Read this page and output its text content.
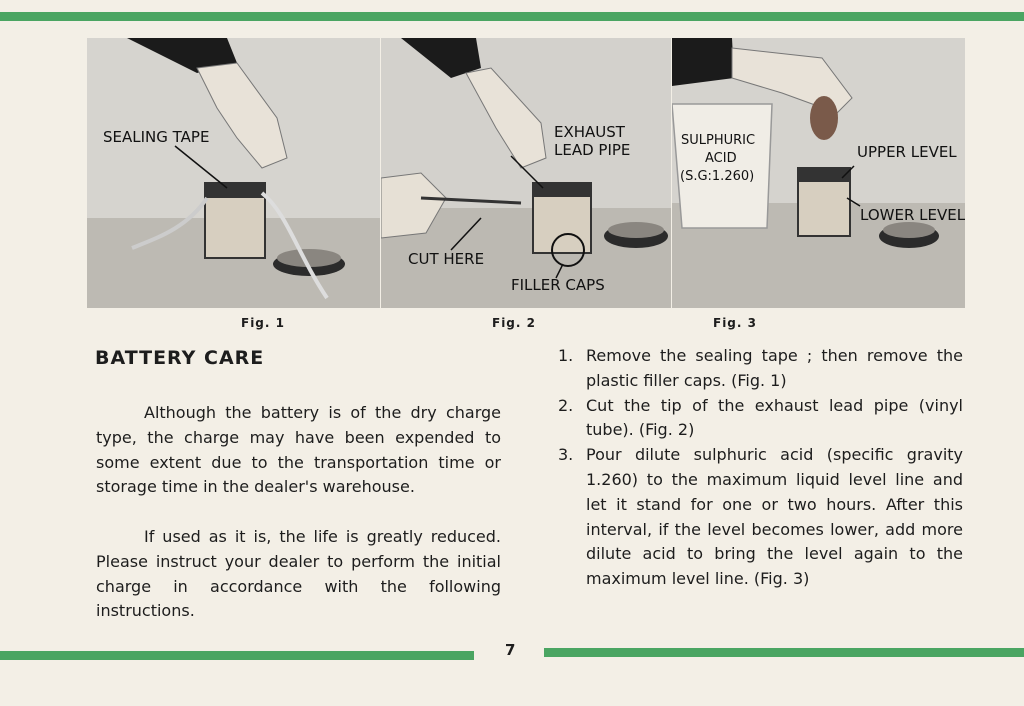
SEALING TAPE	EXHAUST
LEAD PIPE
CUT HERE
FILLER CAPS
SULPHURIC
ACID
(S.G:1.260)
UPPER LEVEL
LOWER LEVEL
Fig. 1	Fig. 2	Fig. 3
BATTERY CARE
Although the battery is of the dry charge type, the charge may have been expended to some extent due to the transportation time or storage time in the dealer's warehouse.
If used as it is, the life is greatly reduced. Please instruct your dealer to perform the initial charge in accordance with the following instructions.
1. Remove the sealing tape ; then remove the plastic filler caps. (Fig. 1)
2. Cut the tip of the exhaust lead pipe (vinyl tube). (Fig. 2)
3. Pour dilute sulphuric acid (specific gravity 1.260) to the maximum liquid level line and let it stand for one or two hours. After this interval, if the level becomes lower, add more dilute acid to bring the level again to the maximum level line. (Fig. 3)
7
